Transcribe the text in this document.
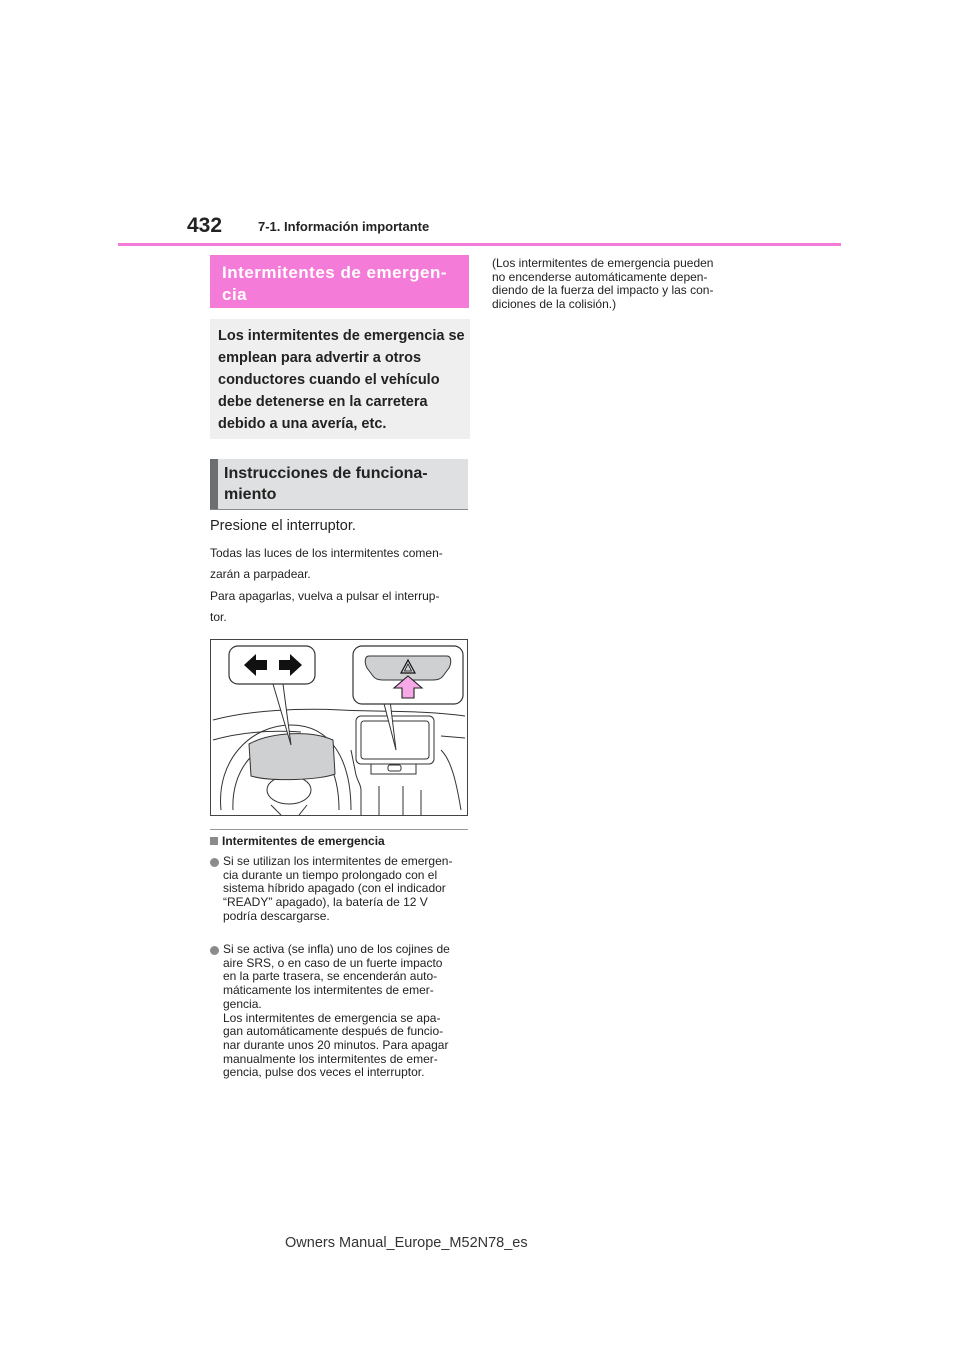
432	7-1. Información importante
Intermitentes de emergen-
cia
Los intermitentes de emergencia se emplean para advertir a otros conductores cuando el vehículo debe detenerse en la carretera debido a una avería, etc.
Instrucciones de funciona-
miento
Presione el interruptor.
Todas las luces de los intermitentes comen-
zarán a parpadear.
Para apagarlas, vuelva a pulsar el interrup-
tor.
Intermitentes de emergencia
Si se utilizan los intermitentes de emergen-
cia durante un tiempo prolongado con el
sistema híbrido apagado (con el indicador
“READY” apagado), la batería de 12 V
podría descargarse.
Si se activa (se infla) uno de los cojines de
aire SRS, o en caso de un fuerte impacto
en la parte trasera, se encenderán auto-
máticamente los intermitentes de emer-
gencia.
Los intermitentes de emergencia se apa-
gan automáticamente después de funcio-
nar durante unos 20 minutos. Para apagar
manualmente los intermitentes de emer-
gencia, pulse dos veces el interruptor.
(Los intermitentes de emergencia pueden
no encenderse automáticamente depen-
diendo de la fuerza del impacto y las con-
diciones de la colisión.)
Owners Manual_Europe_M52N78_es
